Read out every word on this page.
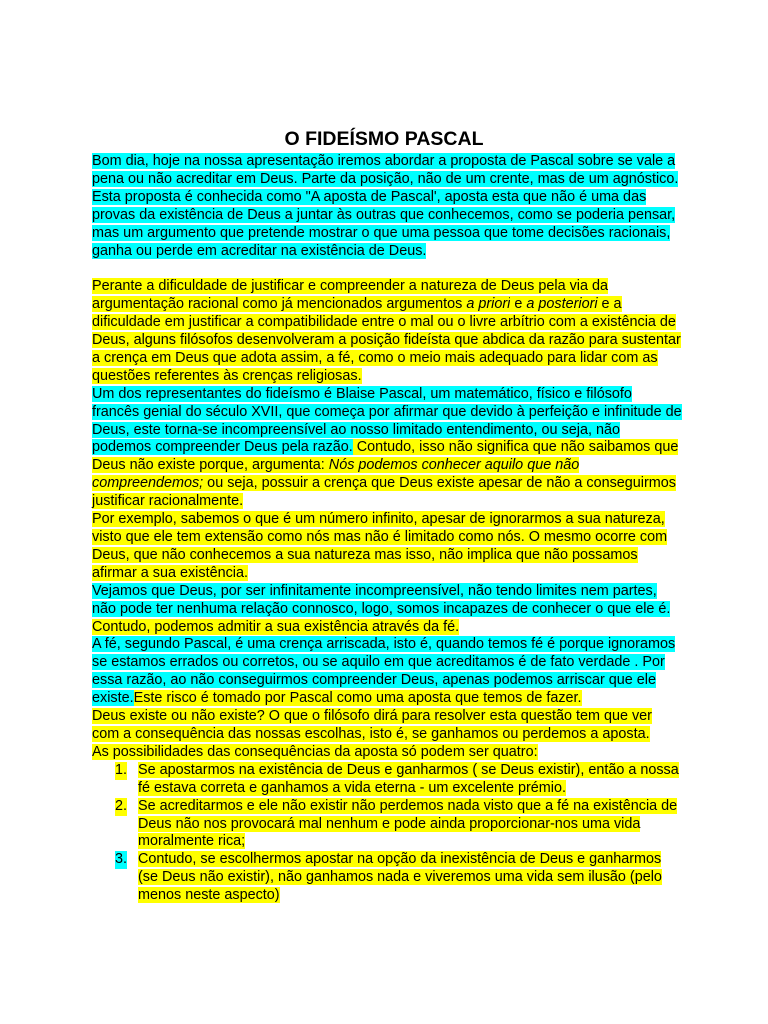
O FIDEÍSMO PASCAL

Bom dia, hoje na nossa apresentação iremos abordar a proposta de Pascal sobre se vale a pena ou não acreditar em Deus. Parte da posição, não de um crente, mas de um agnóstico. Esta proposta é conhecida como "A aposta de Pascal', aposta esta que não é uma das provas da existência de Deus a juntar às outras que conhecemos, como se poderia pensar, mas um argumento que pretende mostrar o que uma pessoa que tome decisões racionais, ganha ou perde em acreditar na existência de Deus.

Perante a dificuldade de justificar e compreender a natureza de Deus pela via da argumentação racional como já mencionados argumentos a priori e a posteriori e a dificuldade em justificar a compatibilidade entre o mal ou o livre arbítrio com a existência de Deus, alguns filósofos desenvolveram a posição fideísta que abdica da razão para sustentar a crença em Deus que adota assim, a fé, como o meio mais adequado para lidar com as questões referentes às crenças religiosas.

Um dos representantes do fideísmo é Blaise Pascal, um matemático, físico e filósofo francês genial do século XVII, que começa por afirmar que devido à perfeição e infinitude de Deus, este torna-se incompreensível ao nosso limitado entendimento, ou seja, não podemos compreender Deus pela razão. Contudo, isso não significa que não saibamos que Deus não existe porque, argumenta: Nós podemos conhecer aquilo que não compreendemos; ou seja, possuir a crença que Deus existe apesar de não a conseguirmos justificar racionalmente.

Por exemplo, sabemos o que é um número infinito, apesar de ignorarmos a sua natureza, visto que ele tem extensão como nós mas não é limitado como nós. O mesmo ocorre com Deus, que não conhecemos a sua natureza mas isso, não implica que não possamos afirmar a sua existência.

Vejamos que Deus, por ser infinitamente incompreensível, não tendo limites nem partes, não pode ter nenhuma relação connosco, logo, somos incapazes de conhecer o que ele é. Contudo, podemos admitir a sua existência através da fé.

A fé, segundo Pascal, é uma crença arriscada, isto é, quando temos fé é porque ignoramos se estamos errados ou corretos, ou se aquilo em que acreditamos é de fato verdade . Por essa razão, ao não conseguirmos compreender Deus, apenas podemos arriscar que ele existe.Este risco é tomado por Pascal como uma aposta que temos de fazer.

Deus existe ou não existe? O que o filósofo dirá para resolver esta questão tem que ver com a consequência das nossas escolhas, isto é, se ganhamos ou perdemos a aposta.

As possibilidades das consequências da aposta só podem ser quatro:

1. Se apostarmos na existência de Deus e ganharmos ( se Deus existir), então a nossa fé estava correta e ganhamos a vida eterna - um excelente prémio.
2. Se acreditarmos e ele não existir não perdemos nada visto que a fé na existência de Deus não nos provocará mal nenhum e pode ainda proporcionar-nos uma vida moralmente rica;
3. Contudo, se escolhermos apostar na opção da inexistência de Deus e ganharmos (se Deus não existir), não ganhamos nada e viveremos uma vida sem ilusão (pelo menos neste aspecto)
